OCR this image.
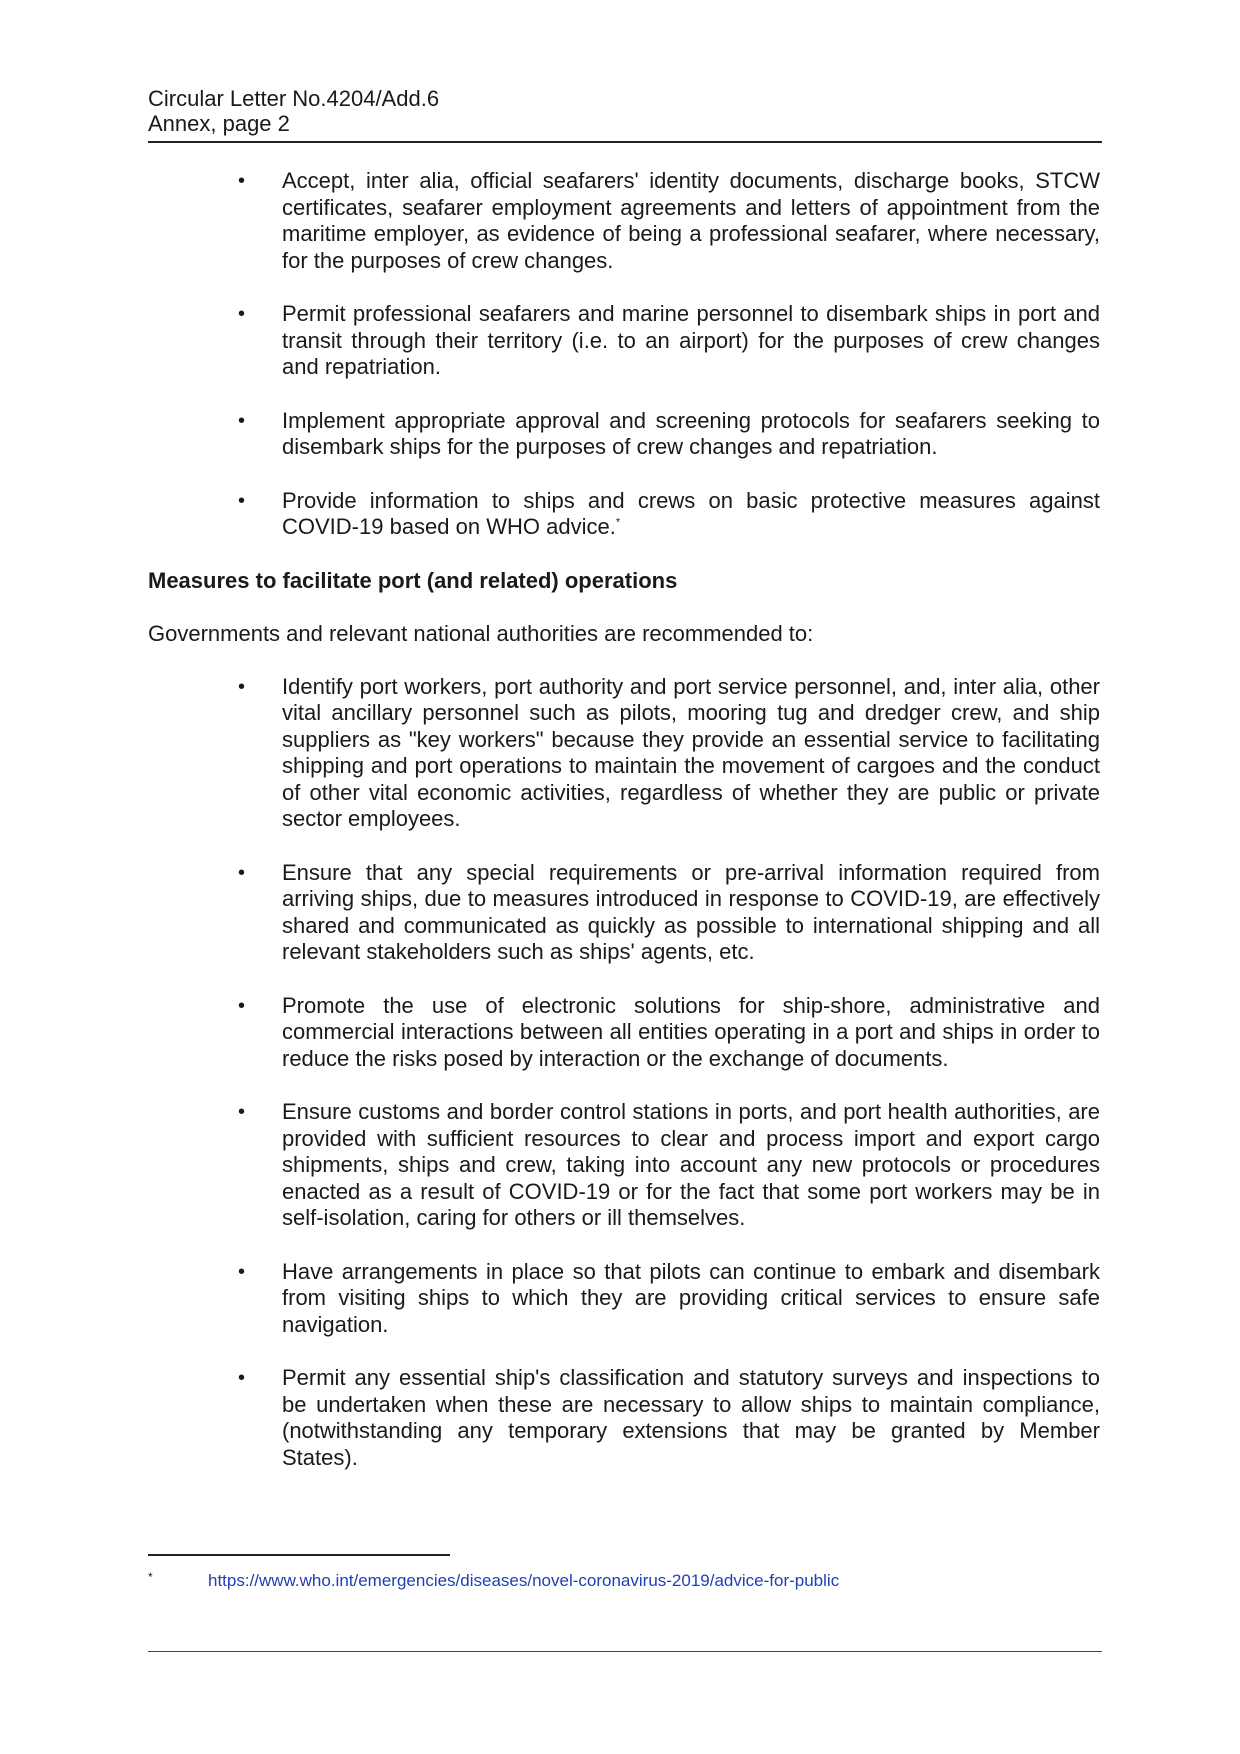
Circular Letter No.4204/Add.6
Annex, page 2
•
Accept, inter alia, official seafarers' identity documents, discharge books, STCW certificates, seafarer employment agreements and letters of appointment from the maritime employer, as evidence of being a professional seafarer, where necessary, for the purposes of crew changes.
•
Permit professional seafarers and marine personnel to disembark ships in port and transit through their territory (i.e. to an airport) for the purposes of crew changes and repatriation.
•
Implement appropriate approval and screening protocols for seafarers seeking to disembark ships for the purposes of crew changes and repatriation.
•
Provide information to ships and crews on basic protective measures against COVID-19 based on WHO advice.*
Measures to facilitate port (and related) operations
Governments and relevant national authorities are recommended to:
•
Identify port workers, port authority and port service personnel, and, inter alia, other vital ancillary personnel such as pilots, mooring tug and dredger crew, and ship suppliers as "key workers" because they provide an essential service to facilitating shipping and port operations to maintain the movement of cargoes and the conduct of other vital economic activities, regardless of whether they are public or private sector employees.
•
Ensure that any special requirements or pre-arrival information required from arriving ships, due to measures introduced in response to COVID-19, are effectively shared and communicated as quickly as possible to international shipping and all relevant stakeholders such as ships' agents, etc.
•
Promote the use of electronic solutions for ship-shore, administrative and commercial interactions between all entities operating in a port and ships in order to reduce the risks posed by interaction or the exchange of documents.
•
Ensure customs and border control stations in ports, and port health authorities, are provided with sufficient resources to clear and process import and export cargo shipments, ships and crew, taking into account any new protocols or procedures enacted as a result of COVID-19 or for the fact that some port workers may be in self-isolation, caring for others or ill themselves.
•
Have arrangements in place so that pilots can continue to embark and disembark from visiting ships to which they are providing critical services to ensure safe navigation.
•
Permit any essential ship's classification and statutory surveys and inspections to be undertaken when these are necessary to allow ships to maintain compliance, (notwithstanding any temporary extensions that may be granted by Member States).
*	https://www.who.int/emergencies/diseases/novel-coronavirus-2019/advice-for-public
